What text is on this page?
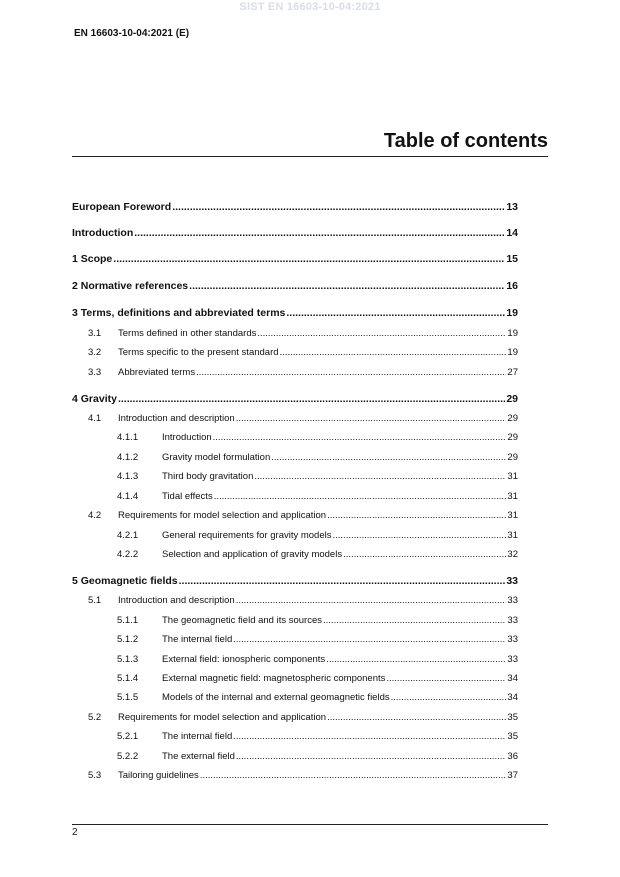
SIST EN 16603-10-04:2021
EN 16603-10-04:2021 (E)
Table of contents
European Foreword .....	13
Introduction .....	14
1 Scope .....	15
2 Normative references .....	16
3 Terms, definitions and abbreviated terms .....	19
3.1 Terms defined in other standards .....	19
3.2 Terms specific to the present standard .....	19
3.3 Abbreviated terms .....	27
4 Gravity .....	29
4.1 Introduction and description .....	29
4.1.1	Introduction .....	29
4.1.2	Gravity model formulation .....	29
4.1.3	Third body gravitation .....	31
4.1.4	Tidal effects .....	31
4.2 Requirements for model selection and application .....	31
4.2.1	General requirements for gravity models .....	31
4.2.2	Selection and application of gravity models .....	32
5 Geomagnetic fields .....	33
5.1 Introduction and description .....	33
5.1.1	The geomagnetic field and its sources .....	33
5.1.2	The internal field .....	33
5.1.3	External field: ionospheric components .....	33
5.1.4	External magnetic field: magnetospheric components .....	34
5.1.5	Models of the internal and external geomagnetic fields .....	34
5.2 Requirements for model selection and application .....	35
5.2.1	The internal field .....	35
5.2.2	The external field .....	36
5.3 Tailoring guidelines .....	37
2
